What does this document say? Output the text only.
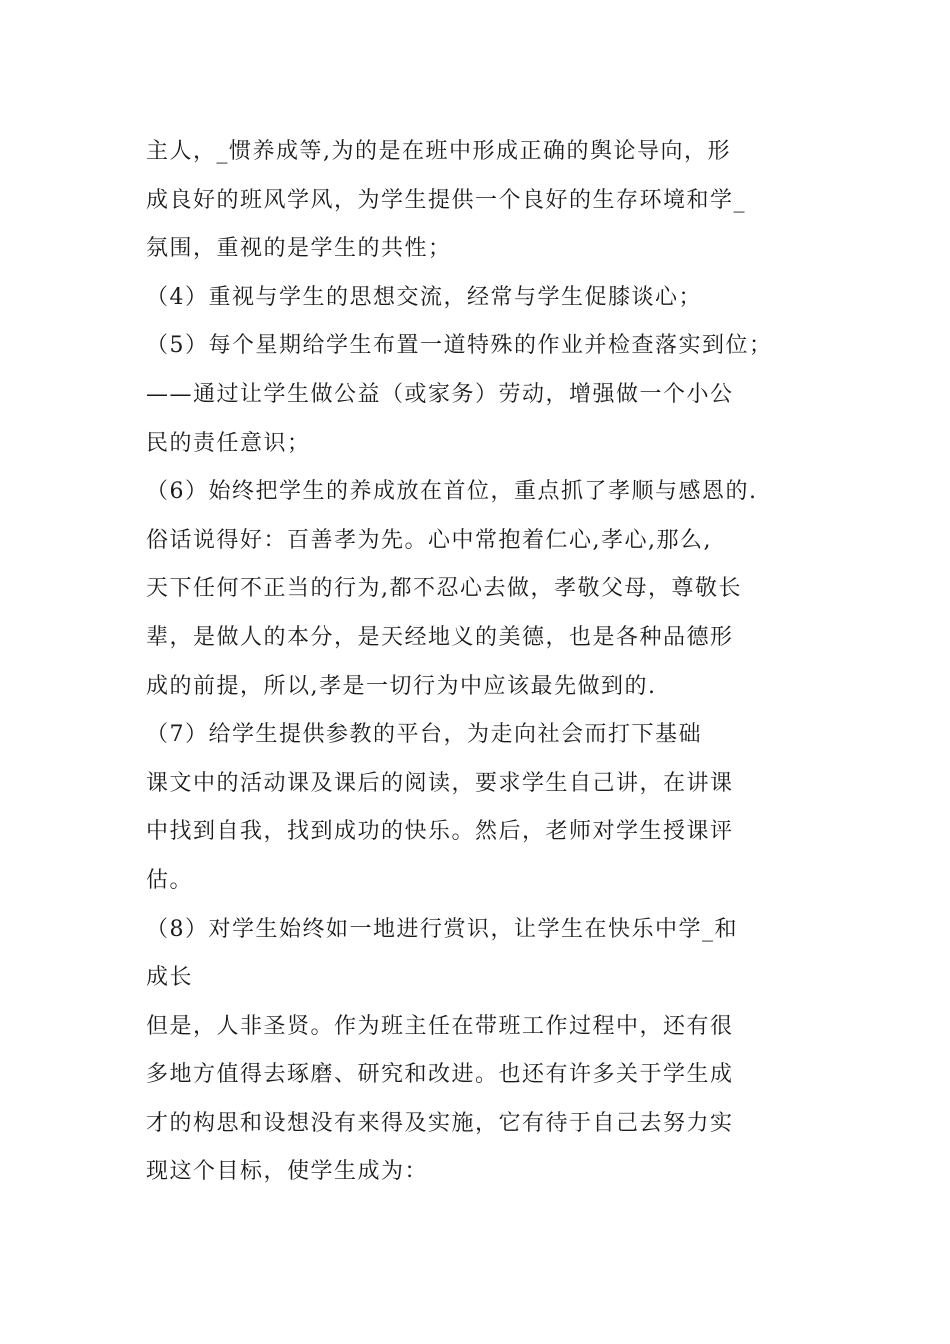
主人，_惯养成等,为的是在班中形成正确的舆论导向，形
成良好的班风学风，为学生提供一个良好的生存环境和学_
氛围，重视的是学生的共性；
（4）重视与学生的思想交流，经常与学生促膝谈心；
（5）每个星期给学生布置一道特殊的作业并检查落实到位；
——通过让学生做公益（或家务）劳动，增强做一个小公
民的责任意识；
（6）始终把学生的养成放在首位，重点抓了孝顺与感恩的.
俗话说得好：百善孝为先。心中常抱着仁心,孝心,那么,
天下任何不正当的行为,都不忍心去做，孝敬父母，尊敬长
辈，是做人的本分，是天经地义的美德，也是各种品德形
成的前提，所以,孝是一切行为中应该最先做到的.
（7）给学生提供参教的平台，为走向社会而打下基础
课文中的活动课及课后的阅读，要求学生自己讲，在讲课
中找到自我，找到成功的快乐。然后，老师对学生授课评
估。
（8）对学生始终如一地进行赏识，让学生在快乐中学_和
成长
但是，人非圣贤。作为班主任在带班工作过程中，还有很
多地方值得去琢磨、研究和改进。也还有许多关于学生成
才的构思和设想没有来得及实施，它有待于自己去努力实
现这个目标，使学生成为：
